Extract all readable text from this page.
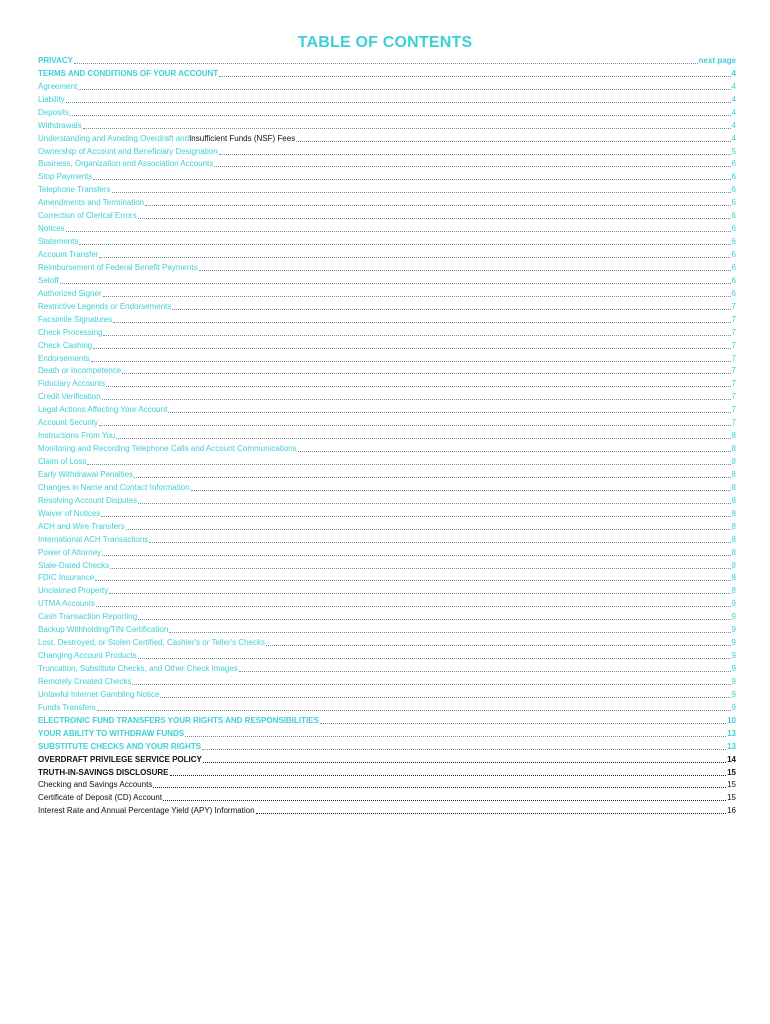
TABLE OF CONTENTS
PRIVACY	next page
TERMS AND CONDITIONS OF YOUR ACCOUNT	4
Agreement	4
Liability	4
Deposits	4
Withdrawals	4
Understanding and Avoiding Overdraft and Insufficient Funds (NSF) Fees	4
Ownership of Account and Beneficiary Designation	5
Business, Organization and Association Accounts	6
Stop Payments	6
Telephone Transfers	6
Amendments and Termination	6
Correction of Clerical Errors	6
Notices	6
Statements	6
Account Transfer	6
Reimbursement of Federal Benefit Payments	6
Setoff	6
Authorized Signer	6
Restrictive Legends or Endorsements	7
Facsimile Signatures	7
Check Processing	7
Check Cashing	7
Endorsements	7
Death or Incompetence	7
Fiduciary Accounts	7
Credit Verification	7
Legal Actions Affecting Your Account	7
Account Security	7
Instructions From You	8
Monitoring and Recording Telephone Calls and Account Communications	8
Claim of Loss	8
Early Withdrawal Penalties	8
Changes in Name and Contact Information	8
Resolving Account Disputes	8
Waiver of Notices	8
ACH and Wire Transfers	8
International ACH Transactions	8
Power of Attorney	8
Stale-Dated Checks	8
FDIC Insurance	8
Unclaimed Property	8
UTMA Accounts	9
Cash Transaction Reporting	9
Backup Withholding/TIN Certification	9
Lost, Destroyed, or Stolen Certified, Cashier's or Teller's Checks	9
Changing Account Products	9
Truncation, Substitute Checks, and Other Check Images	9
Remotely Created Checks	9
Unlawful Internet Gambling Notice	9
Funds Transfers	9
ELECTRONIC FUND TRANSFERS YOUR RIGHTS AND RESPONSIBILITIES	10
YOUR ABILITY TO WITHDRAW FUNDS	13
SUBSTITUTE CHECKS AND YOUR RIGHTS	13
OVERDRAFT PRIVILEGE SERVICE POLICY	14
TRUTH-IN-SAVINGS DISCLOSURE	15
Checking and Savings Accounts	15
Certificate of Deposit (CD) Account	15
Interest Rate and Annual Percentage Yield (APY) Information	16
